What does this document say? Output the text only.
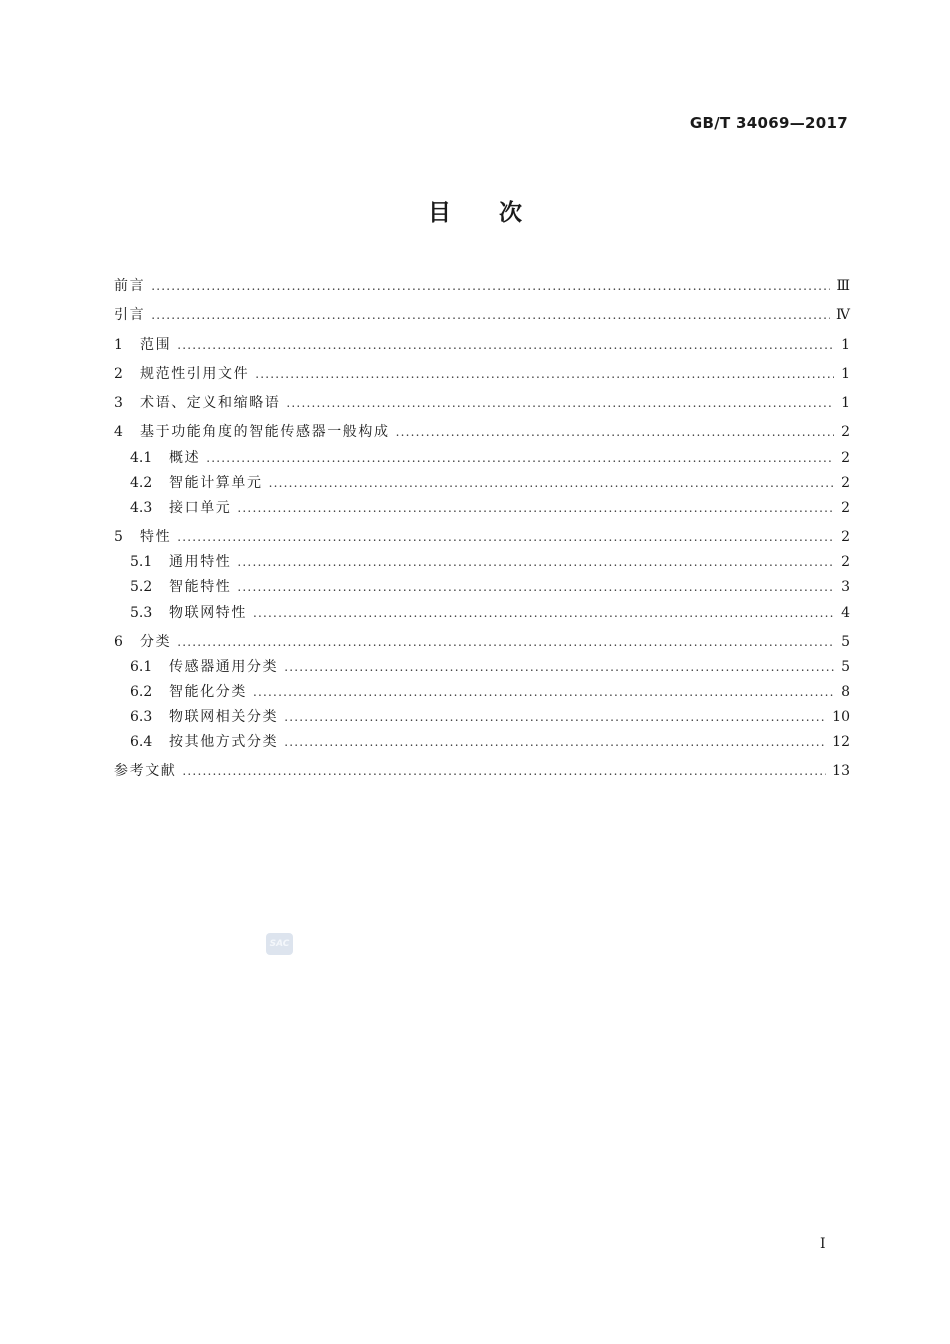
GB/T 34069—2017
目次
前言 .....	Ⅲ
引言 .....	Ⅳ
1	范围 .....	1
2	规范性引用文件 .....	1
3	术语、定义和缩略语 .....	1
4	基于功能角度的智能传感器一般构成 .....	2
4.1	概述 .....	2
4.2	智能计算单元 .....	2
4.3	接口单元 .....	2
5	特性 .....	2
5.1	通用特性 .....	2
5.2	智能特性 .....	3
5.3	物联网特性 .....	4
6	分类 .....	5
6.1	传感器通用分类 .....	5
6.2	智能化分类 .....	8
6.3	物联网相关分类 .....	10
6.4	按其他方式分类 .....	12
参考文献 .....	13
SAC
I
